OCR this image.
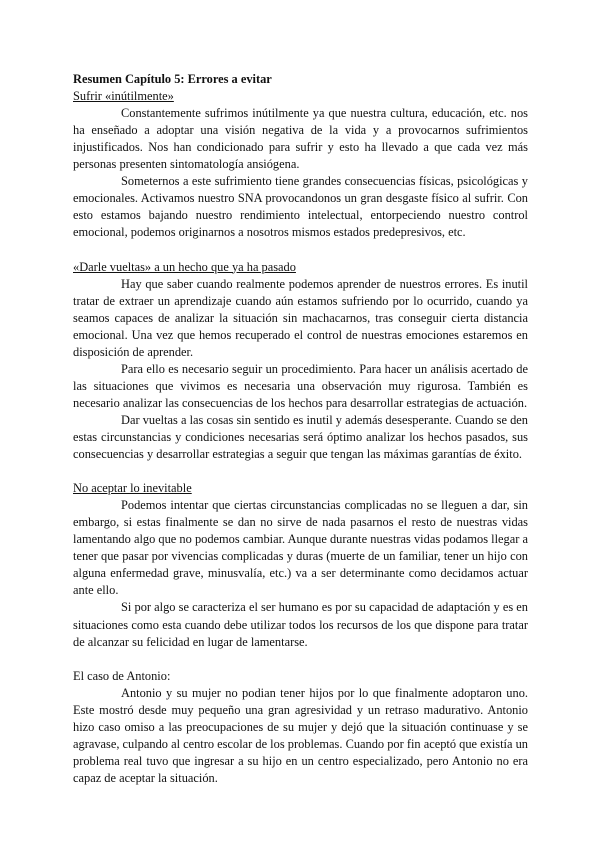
Resumen Capítulo 5: Errores a evitar
Sufrir «inútilmente»

Constantemente sufrimos inútilmente ya que nuestra cultura, educación, etc. nos ha enseñado a adoptar una visión negativa de la vida y a provocarnos sufrimientos injustificados. Nos han condicionado para sufrir y esto ha llevado a que cada vez más personas presenten sintomatología ansiógena.

Someternos a este sufrimiento tiene grandes consecuencias físicas, psicológicas y emocionales. Activamos nuestro SNA provocandonos un gran desgaste físico al sufrir. Con esto estamos bajando nuestro rendimiento intelectual, entorpeciendo nuestro control emocional, podemos originarnos a nosotros mismos estados predepresivos, etc.

«Darle vueltas» a un hecho que ya ha pasado

Hay que saber cuando realmente podemos aprender de nuestros errores. Es inutil tratar de extraer un aprendizaje cuando aún estamos sufriendo por lo ocurrido, cuando ya seamos capaces de analizar la situación sin machacarnos, tras conseguir cierta distancia emocional. Una vez que hemos recuperado el control de nuestras emociones estaremos en disposición de aprender.

Para ello es necesario seguir un procedimiento. Para hacer un análisis acertado de las situaciones que vivimos es necesaria una observación muy rigurosa. También es necesario analizar las consecuencias de los hechos para desarrollar estrategias de actuación.

Dar vueltas a las cosas sin sentido es inutil y además desesperante. Cuando se den estas circunstancias y condiciones necesarias será óptimo analizar los hechos pasados, sus consecuencias y desarrollar estrategias a seguir que tengan las máximas garantías de éxito.

No aceptar lo inevitable

Podemos intentar que ciertas circunstancias complicadas no se lleguen a dar, sin embargo, si estas finalmente se dan no sirve de nada pasarnos el resto de nuestras vidas lamentando algo que no podemos cambiar. Aunque durante nuestras vidas podamos llegar a tener que pasar por vivencias complicadas y duras (muerte de un familiar, tener un hijo con alguna enfermedad grave, minusvalía, etc.) va a ser determinante como decidamos actuar ante ello.

Si por algo se caracteriza el ser humano es por su capacidad de adaptación y es en situaciones como esta cuando debe utilizar todos los recursos de los que dispone para tratar de alcanzar su felicidad en lugar de lamentarse.

El caso de Antonio:

Antonio y su mujer no podian tener hijos por lo que finalmente adoptaron uno. Este mostró desde muy pequeño una gran agresividad y un retraso madurativo. Antonio hizo caso omiso a las preocupaciones de su mujer y dejó que la situación continuase y se agravase, culpando al centro escolar de los problemas. Cuando por fin aceptó que existía un problema real tuvo que ingresar a su hijo en un centro especializado, pero Antonio no era capaz de aceptar la situación.
